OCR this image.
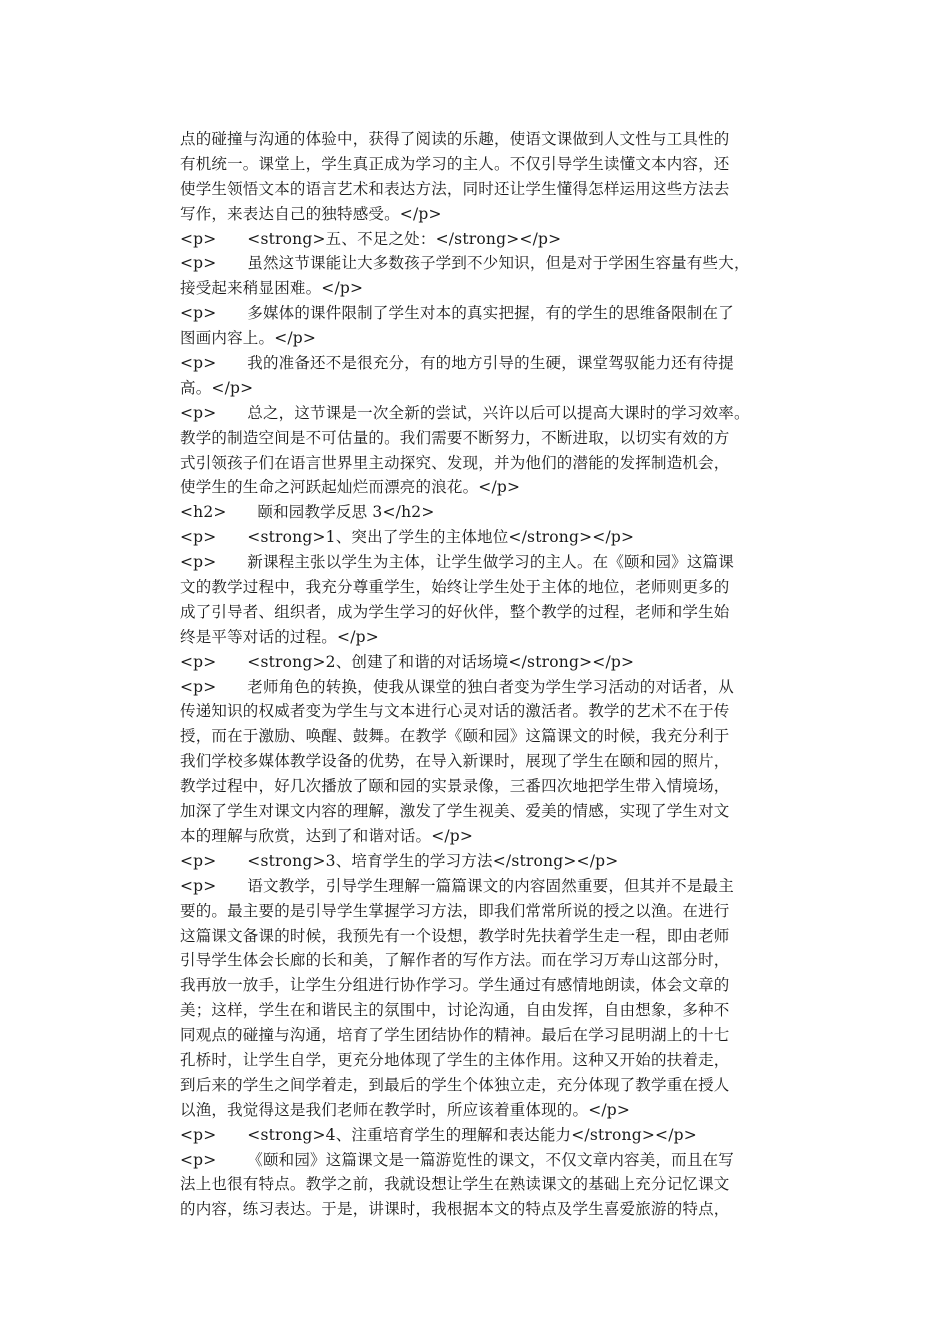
点的碰撞与沟通的体验中，获得了阅读的乐趣，使语文课做到人文性与工具性的
有机统一。课堂上，学生真正成为学习的主人。不仅引导学生读懂文本内容，还
使学生领悟文本的语言艺术和表达方法，同时还让学生懂得怎样运用这些方法去
写作，来表达自己的独特感受。</p>
<p>      <strong>五、不足之处：</strong></p>
<p>      虽然这节课能让大多数孩子学到不少知识，但是对于学困生容量有些大，
接受起来稍显困难。</p>
<p>      多媒体的课件限制了学生对本的真实把握，有的学生的思维备限制在了
图画内容上。</p>
<p>      我的准备还不是很充分，有的地方引导的生硬，课堂驾驭能力还有待提
高。</p>
<p>      总之，这节课是一次全新的尝试，兴许以后可以提高大课时的学习效率。
教学的制造空间是不可估量的。我们需要不断努力，不断进取，以切实有效的方
式引领孩子们在语言世界里主动探究、发现，并为他们的潜能的发挥制造机会，
使学生的生命之河跃起灿烂而漂亮的浪花。</p>
<h2>      颐和园教学反思 3</h2>
<p>      <strong>1、突出了学生的主体地位</strong></p>
<p>      新课程主张以学生为主体，让学生做学习的主人。在《颐和园》这篇课
文的教学过程中，我充分尊重学生，始终让学生处于主体的地位，老师则更多的
成了引导者、组织者，成为学生学习的好伙伴，整个教学的过程，老师和学生始
终是平等对话的过程。</p>
<p>      <strong>2、创建了和谐的对话场境</strong></p>
<p>      老师角色的转换，使我从课堂的独白者变为学生学习活动的对话者，从
传递知识的权威者变为学生与文本进行心灵对话的激活者。教学的艺术不在于传
授，而在于激励、唤醒、鼓舞。在教学《颐和园》这篇课文的时候，我充分利于
我们学校多媒体教学设备的优势，在导入新课时，展现了学生在颐和园的照片，
教学过程中，好几次播放了颐和园的实景录像，三番四次地把学生带入情境场，
加深了学生对课文内容的理解，激发了学生视美、爱美的情感，实现了学生对文
本的理解与欣赏，达到了和谐对话。</p>
<p>      <strong>3、培育学生的学习方法</strong></p>
<p>      语文教学，引导学生理解一篇篇课文的内容固然重要，但其并不是最主
要的。最主要的是引导学生掌握学习方法，即我们常常所说的授之以渔。在进行
这篇课文备课的时候，我预先有一个设想，教学时先扶着学生走一程，即由老师
引导学生体会长廊的长和美，了解作者的写作方法。而在学习万寿山这部分时，
我再放一放手，让学生分组进行协作学习。学生通过有感情地朗读，体会文章的
美；这样，学生在和谐民主的氛围中，讨论沟通，自由发挥，自由想象，多种不
同观点的碰撞与沟通，培育了学生团结协作的精神。最后在学习昆明湖上的十七
孔桥时，让学生自学，更充分地体现了学生的主体作用。这种又开始的扶着走，
到后来的学生之间学着走，到最后的学生个体独立走，充分体现了教学重在授人
以渔，我觉得这是我们老师在教学时，所应该着重体现的。</p>
<p>      <strong>4、注重培育学生的理解和表达能力</strong></p>
<p>      《颐和园》这篇课文是一篇游览性的课文，不仅文章内容美，而且在写
法上也很有特点。教学之前，我就设想让学生在熟读课文的基础上充分记忆课文
的内容，练习表达。于是，讲课时，我根据本文的特点及学生喜爱旅游的特点，
